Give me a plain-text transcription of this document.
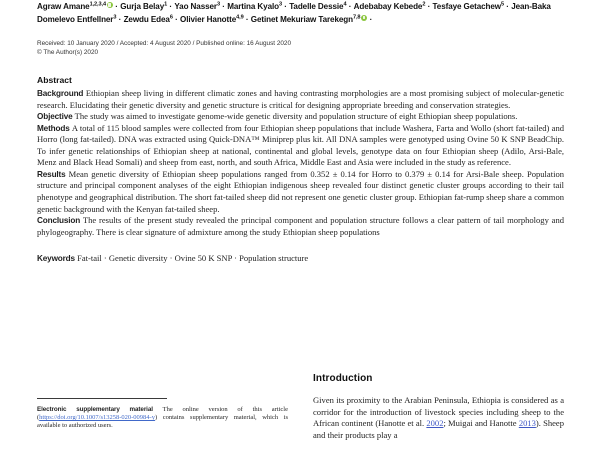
Agraw Amane$^{1,2,3,4}$ · Gurja Belay$^1$ · Yao Nasser$^3$ · Martina Kyalo$^3$ · Tadelle Dessie$^4$ · Adebabay Kebede$^2$ · Tesfaye Getachew$^5$ · Jean-Baka Domelevo Entfellner$^3$ · Zewdu Edea$^6$ · Olivier Hanotte$^{4,9}$ · Getinet Mekuriaw Tarekegn$^{7,8}$ ·
Received: 10 January 2020 / Accepted: 4 August 2020 / Published online: 16 August 2020
© The Author(s) 2020
Abstract

Background Ethiopian sheep living in different climatic zones and having contrasting morphologies are a most promising subject of molecular-genetic research. Elucidating their genetic diversity and genetic structure is critical for designing appropriate breeding and conservation strategies.

Objective The study was aimed to investigate genome-wide genetic diversity and population structure of eight Ethiopian sheep populations.

Methods A total of 115 blood samples were collected from four Ethiopian sheep populations that include Washera, Farta and Wollo (short fat-tailed) and Horro (long fat-tailed). DNA was extracted using Quick-DNA™ Miniprep plus kit. All DNA samples were genotyped using Ovine 50 K SNP BeadChip. To infer genetic relationships of Ethiopian sheep at national, continental and global levels, genotype data on four Ethiopian sheep (Adilo, Arsi-Bale, Menz and Black Head Somali) and sheep from east, north, and south Africa, Middle East and Asia were included in the study as reference.

Results Mean genetic diversity of Ethiopian sheep populations ranged from 0.352 ± 0.14 for Horro to 0.379 ± 0.14 for Arsi-Bale sheep. Population structure and principal component analyses of the eight Ethiopian indigenous sheep revealed four distinct genetic cluster groups according to their tail phenotype and geographical distribution. The short fat-tailed sheep did not represent one genetic cluster group. Ethiopian fat-rump sheep share a common genetic background with the Kenyan fat-tailed sheep.

Conclusion The results of the present study revealed the principal component and population structure follows a clear pattern of tail morphology and phylogeography. There is clear signature of admixture among the study Ethiopian sheep populations

Keywords Fat-tail · Genetic diversity · Ovine 50 K SNP · Population structure

Electronic supplementary material The online version of this article (https://doi.org/10.1007/s13258-020-00984-y) contains supplementary material, which is available to authorized users.

Introduction

Given its proximity to the Arabian Peninsula, Ethiopia is considered as a corridor for the introduction of livestock species including sheep to the African continent (Hanotte et al. 2002; Muigai and Hanotte 2013). Sheep and their products play a
